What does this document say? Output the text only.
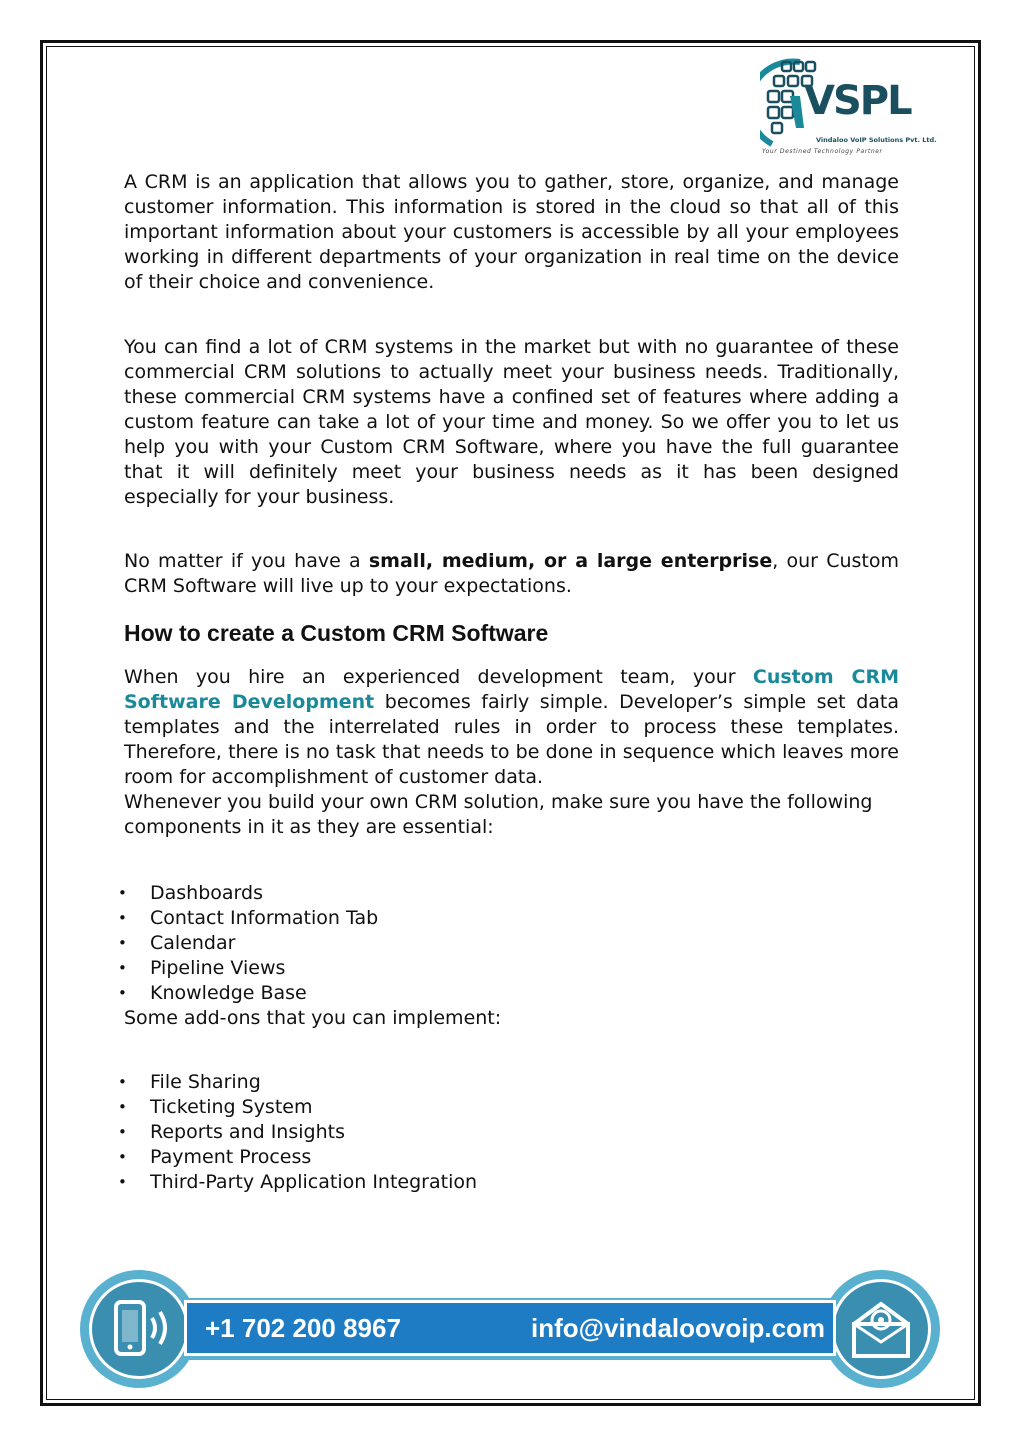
VSPL
Vindaloo VoIP Solutions Pvt. Ltd.
Your Destined Technology Partner

A CRM is an application that allows you to gather, store, organize, and manage customer information. This information is stored in the cloud so that all of this important information about your customers is accessible by all your employees working in different departments of your organization in real time on the device of their choice and convenience.

You can find a lot of CRM systems in the market but with no guarantee of these commercial CRM solutions to actually meet your business needs. Traditionally, these commercial CRM systems have a confined set of features where adding a custom feature can take a lot of your time and money. So we offer you to let us help you with your Custom CRM Software, where you have the full guarantee that it will definitely meet your business needs as it has been designed especially for your business.

No matter if you have a small, medium, or a large enterprise, our Custom CRM Software will live up to your expectations.

How to create a Custom CRM Software

When you hire an experienced development team, your Custom CRM Software Development becomes fairly simple. Developer’s simple set data templates and the interrelated rules in order to process these templates. Therefore, there is no task that needs to be done in sequence which leaves more room for accomplishment of customer data.

Whenever you build your own CRM solution, make sure you have the following components in it as they are essential:

• Dashboards
• Contact Information Tab
• Calendar
• Pipeline Views
• Knowledge Base

Some add-ons that you can implement:

• File Sharing
• Ticketing System
• Reports and Insights
• Payment Process
• Third-Party Application Integration
+1 702 200 8967	info@vindaloovoip.com
